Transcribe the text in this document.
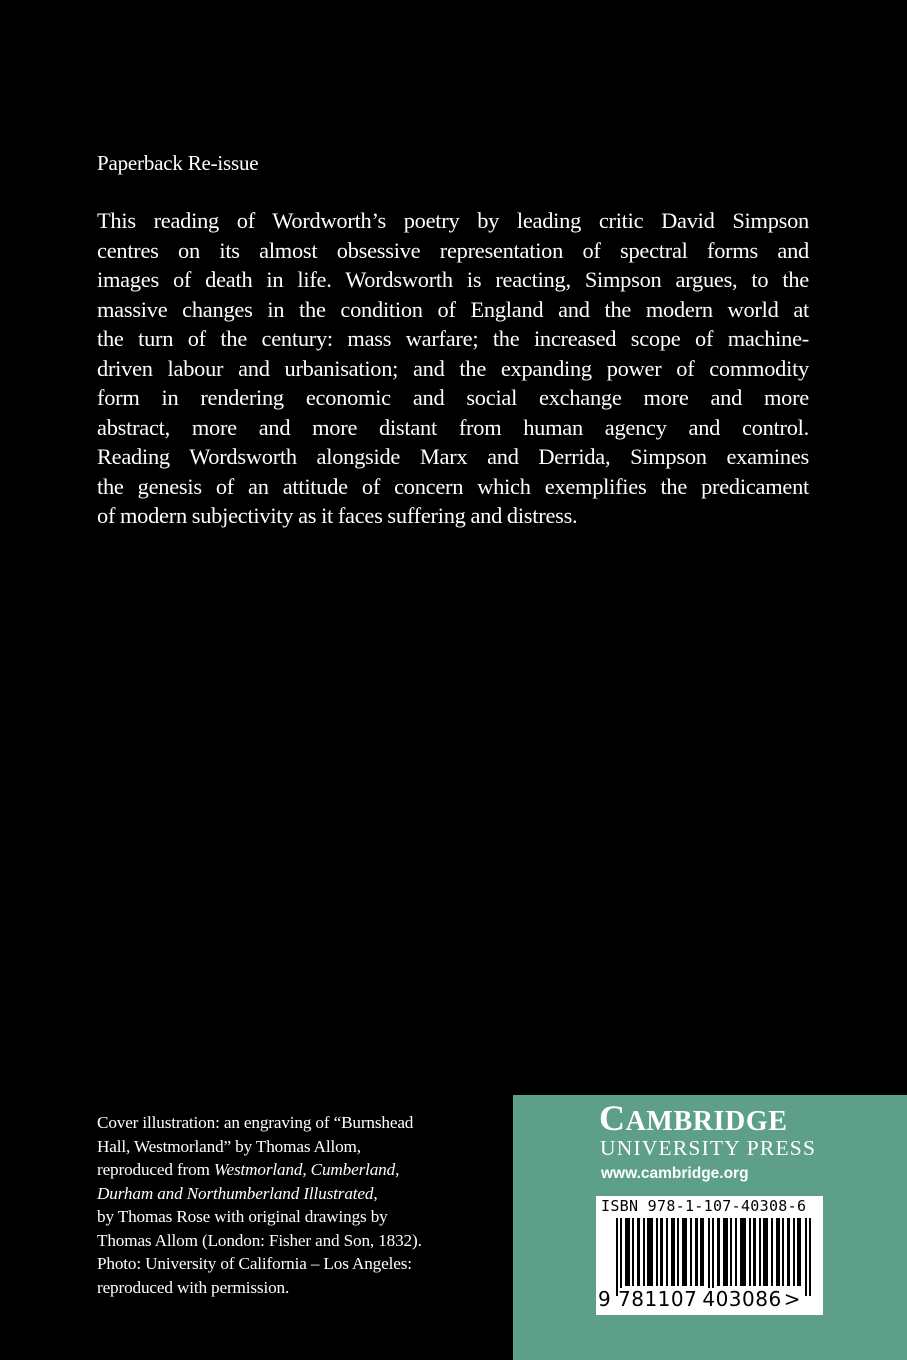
Paperback Re-issue
This reading of Wordworth’s poetry by leading critic David Simpson
centres on its almost obsessive representation of spectral forms and
images of death in life. Wordsworth is reacting, Simpson argues, to the
massive changes in the condition of England and the modern world at
the turn of the century: mass warfare; the increased scope of machine-
driven labour and urbanisation; and the expanding power of commodity
form in rendering economic and social exchange more and more
abstract, more and more distant from human agency and control.
Reading Wordsworth alongside Marx and Derrida, Simpson examines
the genesis of an attitude of concern which exemplifies the predicament
of modern subjectivity as it faces suffering and distress.
Cover illustration: an engraving of “Burnshead
Hall, Westmorland” by Thomas Allom,
reproduced from Westmorland, Cumberland,
Durham and Northumberland Illustrated,
by Thomas Rose with original drawings by
Thomas Allom (London: Fisher and Son, 1832).
Photo: University of California – Los Angeles:
reproduced with permission.
CAMBRIDGE
UNIVERSITY PRESS
www.cambridge.org
ISBN 978-1-107-40308-6
9 781107 403086 >
